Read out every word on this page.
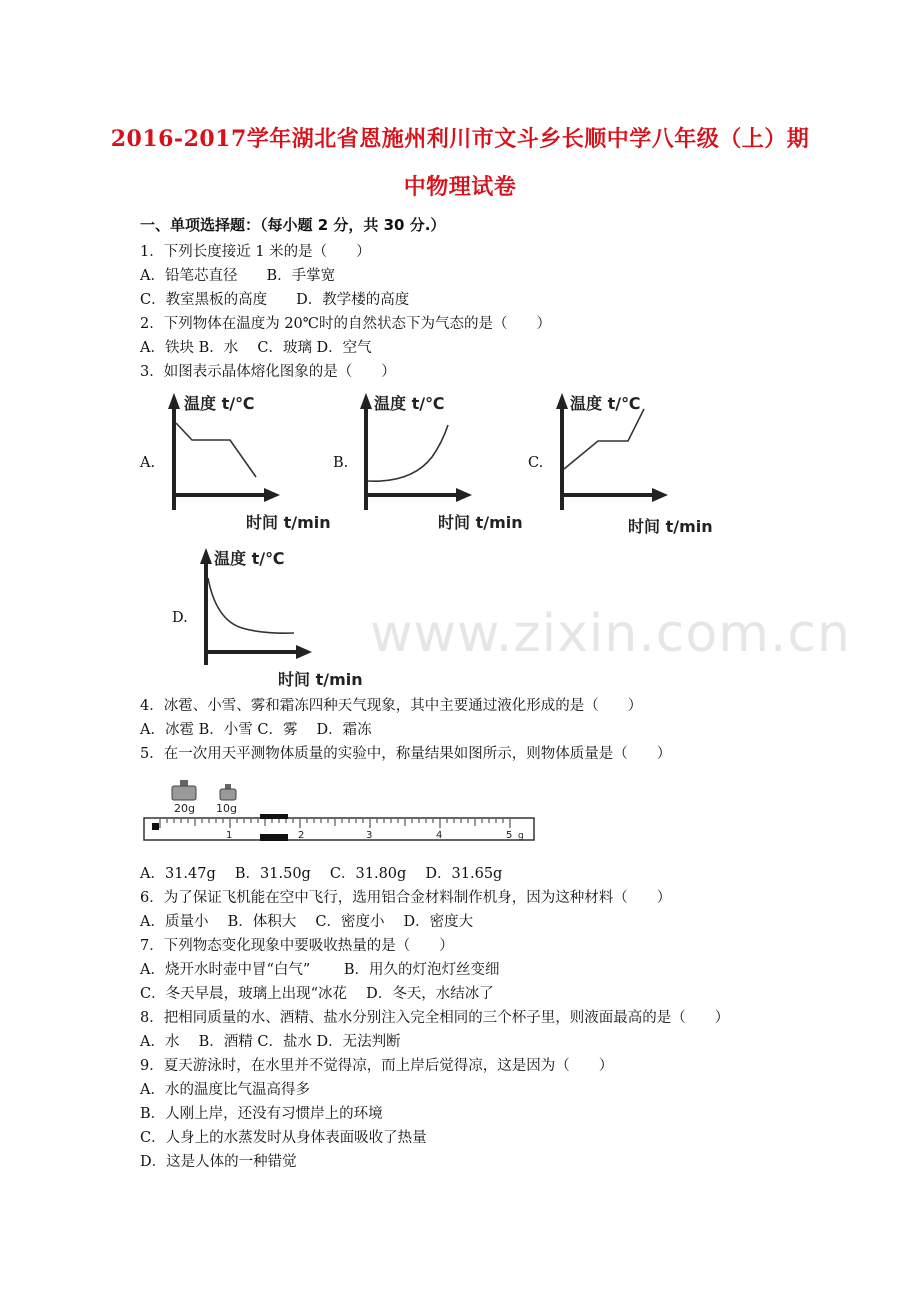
2016-2017学年湖北省恩施州利川市文斗乡长顺中学八年级（上）期
中物理试卷
一、单项选择题：（每小题 2 分，共 30 分.）
1．下列长度接近 1 米的是（　　）
A．铅笔芯直径　　B．手掌宽
C．教室黑板的高度　　D．教学楼的高度
2．下列物体在温度为 20℃时的自然状态下为气态的是（　　）
A．铁块 B．水　 C．玻璃 D．空气
3．如图表示晶体熔化图象的是（　　）
A.
温度 t/℃
时间 t/min
B.
温度 t/℃
时间 t/min
C.
温度 t/℃
时间 t/min
D.
温度 t/℃
时间 t/min
www.zixin.com.cn
4．冰雹、小雪、雾和霜冻四种天气现象，其中主要通过液化形成的是（　　）
A．冰雹 B．小雪 C．雾　 D．霜冻
5．在一次用天平测物体质量的实验中，称量结果如图所示，则物体质量是（　　）
20g 10g
1	2	3	4	5 g
A．31.47g　 B．31.50g　 C．31.80g　 D．31.65g
6．为了保证飞机能在空中飞行，选用铝合金材料制作机身，因为这种材料（　　）
A．质量小　 B．体积大　 C．密度小　 D．密度大
7．下列物态变化现象中要吸收热量的是（　　）
A．烧开水时壶中冒“白气”　　 B．用久的灯泡灯丝变细
C．冬天早晨，玻璃上出现“冰花　 D．冬天，水结冰了
8．把相同质量的水、酒精、盐水分别注入完全相同的三个杯子里，则液面最高的是（　　）
A．水　 B．酒精 C．盐水 D．无法判断
9．夏天游泳时，在水里并不觉得凉，而上岸后觉得凉，这是因为（　　）
A．水的温度比气温高得多
B．人刚上岸，还没有习惯岸上的环境
C．人身上的水蒸发时从身体表面吸收了热量
D．这是人体的一种错觉
